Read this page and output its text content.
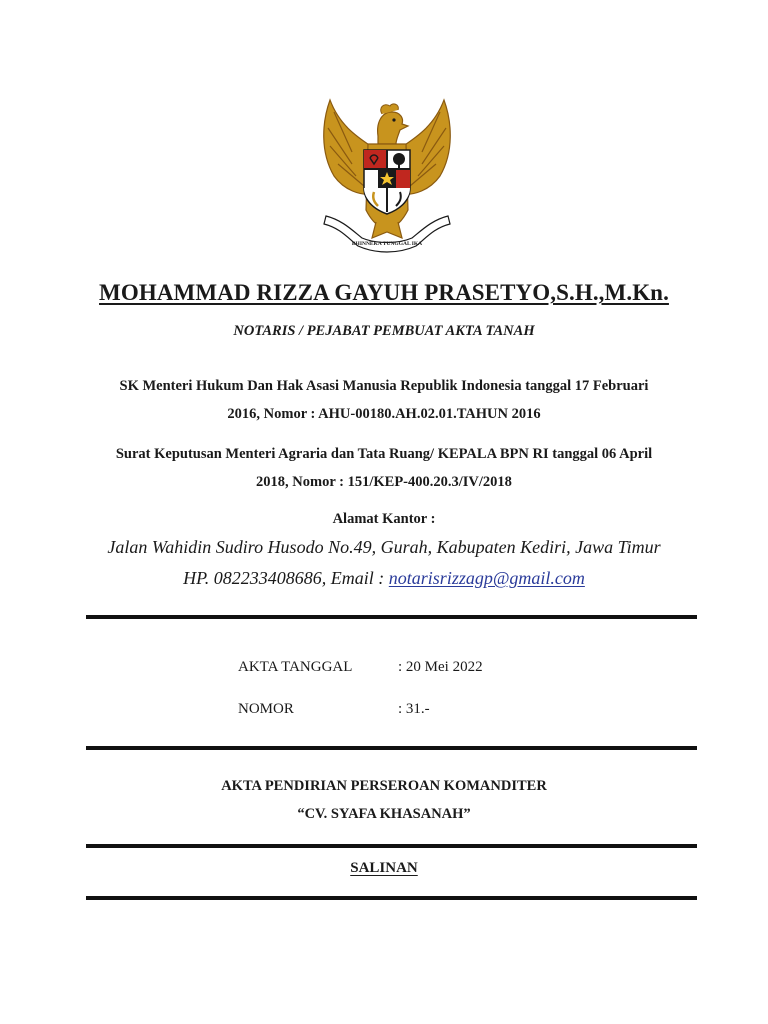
BHINNEKA TUNGGAL IKA
MOHAMMAD RIZZA GAYUH PRASETYO,S.H.,M.Kn.
NOTARIS / PEJABAT PEMBUAT AKTA TANAH
SK Menteri Hukum Dan Hak Asasi Manusia Republik Indonesia tanggal 17 Februari
2016, Nomor : AHU-00180.AH.02.01.TAHUN 2016
Surat Keputusan Menteri Agraria dan Tata Ruang/ KEPALA BPN RI tanggal 06 April
2018, Nomor : 151/KEP-400.20.3/IV/2018
Alamat Kantor :
Jalan Wahidin Sudiro Husodo No.49, Gurah, Kabupaten Kediri, Jawa Timur
HP. 082233408686, Email : notarisrizzagp@gmail.com
AKTA TANGGAL	: 20 Mei 2022
NOMOR	: 31.-
AKTA PENDIRIAN PERSEROAN KOMANDITER
“CV. SYAFA KHASANAH”
SALINAN
